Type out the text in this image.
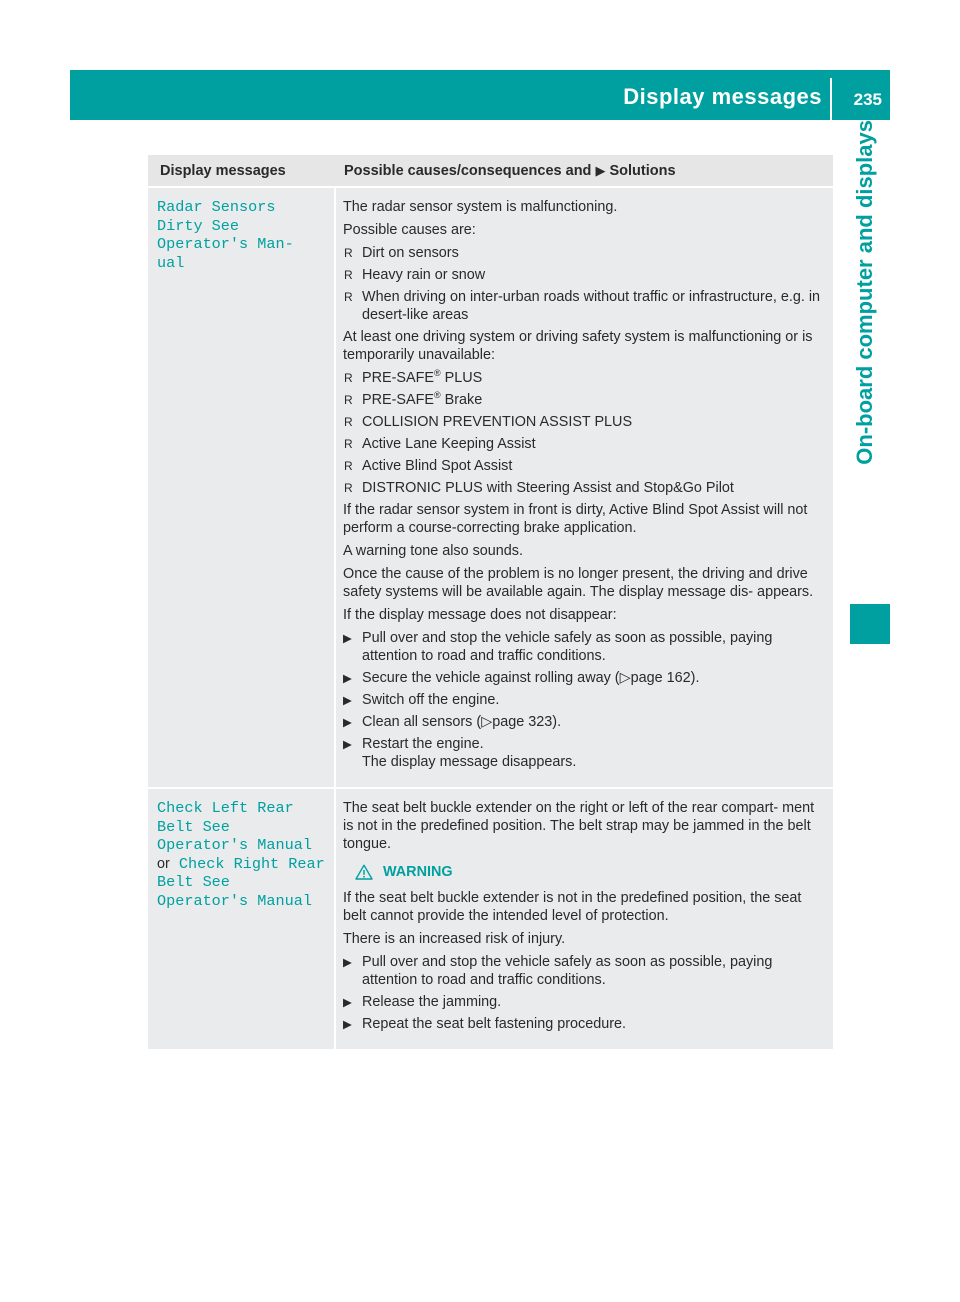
Display messages 235
On-board computer and displays
Display messages	Possible causes/consequences and ▶ Solutions
Radar Sensors Dirty See Operator's Man‐ ual

The radar sensor system is malfunctioning.

Possible causes are:

R Dirt on sensors
R Heavy rain or snow
R When driving on inter-urban roads without traffic or infrastructure, e.g. in desert-like areas

At least one driving system or driving safety system is malfunctioning or is temporarily unavailable:

R PRE-SAFE® PLUS
R PRE-SAFE® Brake
R COLLISION PREVENTION ASSIST PLUS
R Active Lane Keeping Assist
R Active Blind Spot Assist
R DISTRONIC PLUS with Steering Assist and Stop&Go Pilot

If the radar sensor system in front is dirty, Active Blind Spot Assist will not perform a course-correcting brake application.

A warning tone also sounds.

Once the cause of the problem is no longer present, the driving and drive safety systems will be available again. The display message dis- appears.

If the display message does not disappear:

▶ Pull over and stop the vehicle safely as soon as possible, paying attention to road and traffic conditions.
▶ Secure the vehicle against rolling away (▷page 162).
▶ Switch off the engine.
▶ Clean all sensors (▷page 323).
▶ Restart the engine.
The display message disappears.
Check Left Rear Belt See Operator's Manual or Check Right Rear Belt See Operator's Manual

The seat belt buckle extender on the right or left of the rear compart- ment is not in the predefined position. The belt strap may be jammed in the belt tongue.

WARNING

If the seat belt buckle extender is not in the predefined position, the seat belt cannot provide the intended level of protection.

There is an increased risk of injury.

▶ Pull over and stop the vehicle safely as soon as possible, paying attention to road and traffic conditions.
▶ Release the jamming.
▶ Repeat the seat belt fastening procedure.
